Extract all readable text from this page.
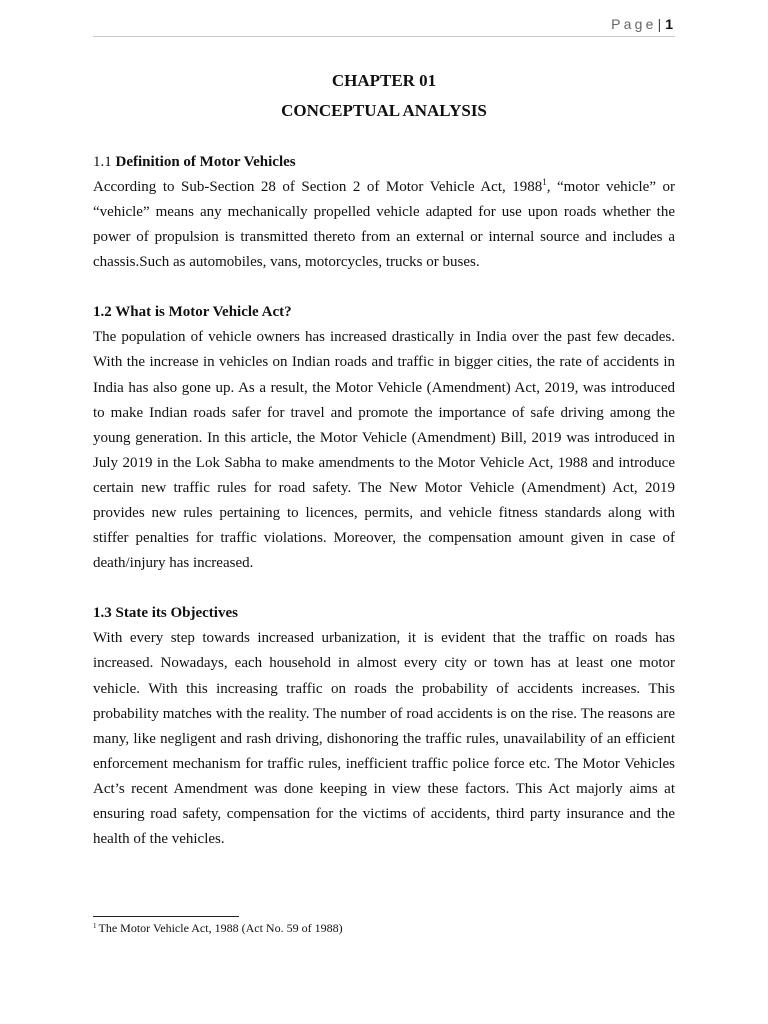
Page| 1
CHAPTER 01
CONCEPTUAL ANALYSIS
1.1 Definition of Motor Vehicles

According to Sub-Section 28 of Section 2 of Motor Vehicle Act, 1988$^1$, “motor vehicle” or “vehicle” means any mechanically propelled vehicle adapted for use upon roads whether the power of propulsion is transmitted thereto from an external or internal source and includes a chassis.Such as automobiles, vans, motorcycles, trucks or buses.

1.2 What is Motor Vehicle Act?

The population of vehicle owners has increased drastically in India over the past few decades. With the increase in vehicles on Indian roads and traffic in bigger cities, the rate of accidents in India has also gone up. As a result, the Motor Vehicle (Amendment) Act, 2019, was introduced to make Indian roads safer for travel and promote the importance of safe driving among the young generation. In this article, the Motor Vehicle (Amendment) Bill, 2019 was introduced in July 2019 in the Lok Sabha to make amendments to the Motor Vehicle Act, 1988 and introduce certain new traffic rules for road safety. The New Motor Vehicle (Amendment) Act, 2019 provides new rules pertaining to licences, permits, and vehicle fitness standards along with stiffer penalties for traffic violations. Moreover, the compensation amount given in case of death/injury has increased.

1.3 State its Objectives

With every step towards increased urbanization, it is evident that the traffic on roads has increased. Nowadays, each household in almost every city or town has at least one motor vehicle. With this increasing traffic on roads the probability of accidents increases. This probability matches with the reality. The number of road accidents is on the rise. The reasons are many, like negligent and rash driving, dishonoring the traffic rules, unavailability of an efficient enforcement mechanism for traffic rules, inefficient traffic police force etc. The Motor Vehicles Act’s recent Amendment was done keeping in view these factors. This Act majorly aims at ensuring road safety, compensation for the victims of accidents, third party insurance and the health of the vehicles.

$^1$ The Motor Vehicle Act, 1988 (Act No. 59 of 1988)
